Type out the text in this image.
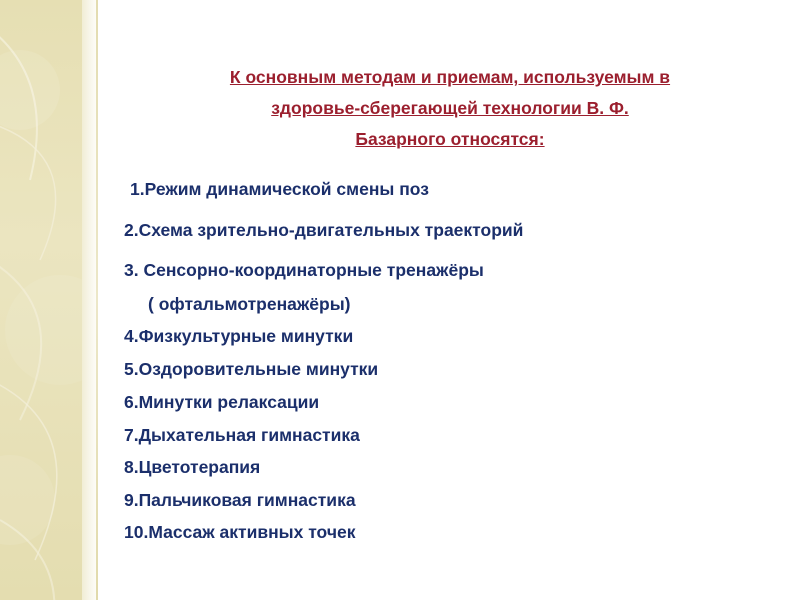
К основным методам и приемам, используемым в
здоровье-сберегающей технологии В. Ф.
Базарного относятся:
1.Режим динамической смены поз
2.Схема зрительно-двигательных траекторий
3. Сенсорно-координаторные тренажёры
( офтальмотренажёры)
4.Физкультурные минутки
5.Оздоровительные минутки
6.Минутки релаксации
7.Дыхательная гимнастика
8.Цветотерапия
9.Пальчиковая гимнастика
10.Массаж активных точек
